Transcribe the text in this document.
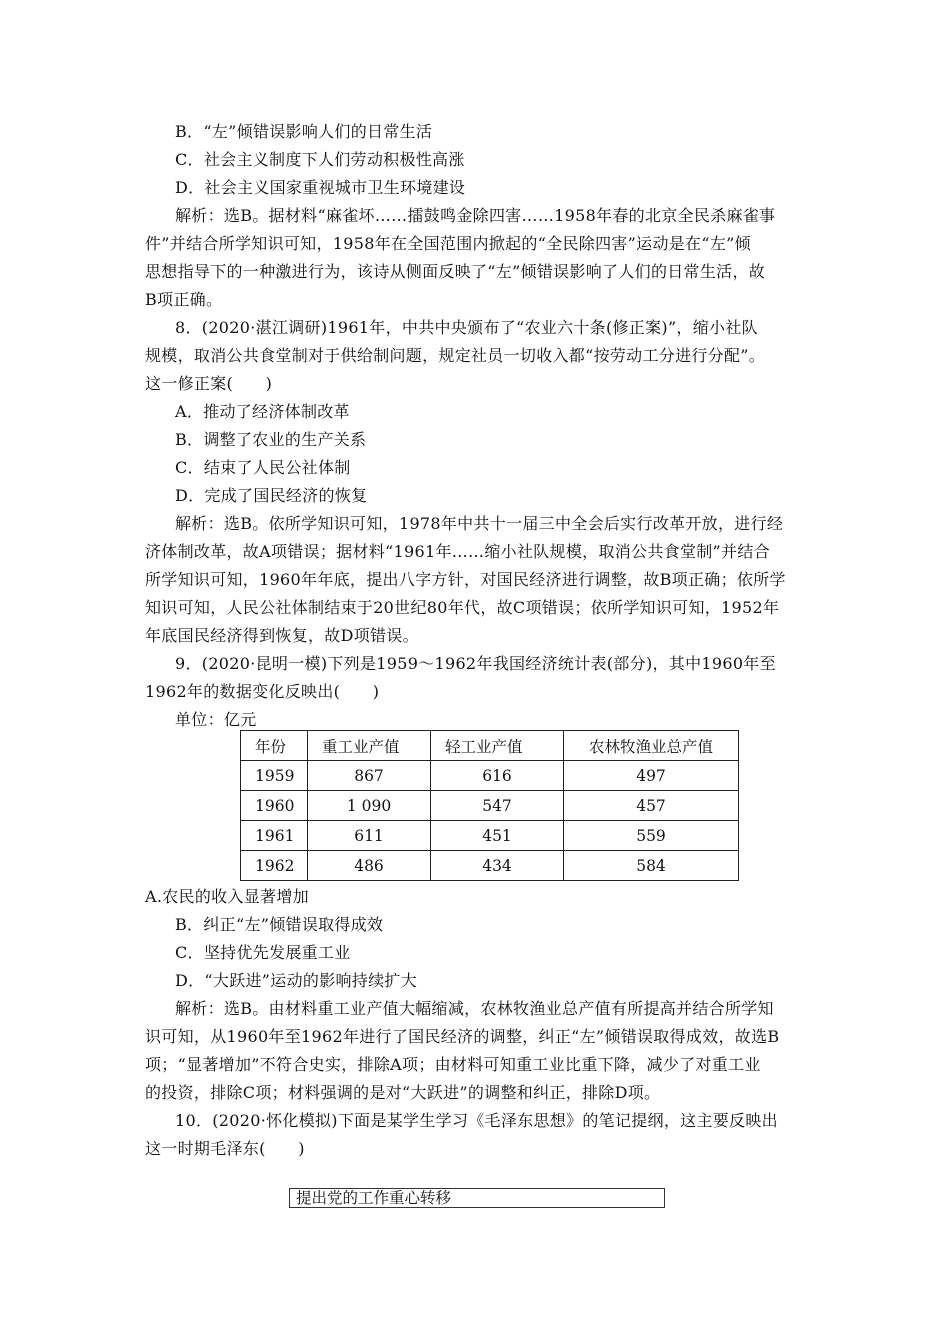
B．“左”倾错误影响人们的日常生活
C．社会主义制度下人们劳动积极性高涨
D．社会主义国家重视城市卫生环境建设
解析：选B。据材料“麻雀坏……擂鼓鸣金除四害……1958年春的北京全民杀麻雀事
件”并结合所学知识可知，1958年在全国范围内掀起的“全民除四害”运动是在“左”倾
思想指导下的一种激进行为，该诗从侧面反映了“左”倾错误影响了人们的日常生活，故
B项正确。
8．(2020·湛江调研)1961年，中共中央颁布了“农业六十条(修正案)”，缩小社队
规模，取消公共食堂制对于供给制问题，规定社员一切收入都“按劳动工分进行分配”。
这一修正案(　　)
A．推动了经济体制改革
B．调整了农业的生产关系
C．结束了人民公社体制
D．完成了国民经济的恢复
解析：选B。依所学知识可知，1978年中共十一届三中全会后实行改革开放，进行经
济体制改革，故A项错误；据材料“1961年……缩小社队规模，取消公共食堂制”并结合
所学知识可知，1960年年底，提出八字方针，对国民经济进行调整，故B项正确；依所学
知识可知，人民公社体制结束于20世纪80年代，故C项错误；依所学知识可知，1952年
年底国民经济得到恢复，故D项错误。
9．(2020·昆明一模)下列是1959～1962年我国经济统计表(部分)，其中1960年至
1962年的数据变化反映出(　　)
单位：亿元
年份	重工业产值	轻工业产值	农林牧渔业总产值
1959	867	616	497
1960	1 090	547	457
1961	611	451	559
1962	486	434	584
A.农民的收入显著增加
B．纠正“左”倾错误取得成效
C．坚持优先发展重工业
D．“大跃进”运动的影响持续扩大
解析：选B。由材料重工业产值大幅缩减，农林牧渔业总产值有所提高并结合所学知
识可知，从1960年至1962年进行了国民经济的调整，纠正“左”倾错误取得成效，故选B
项；“显著增加”不符合史实，排除A项；由材料可知重工业比重下降，减少了对重工业
的投资，排除C项；材料强调的是对“大跃进”的调整和纠正，排除D项。
10．(2020·怀化模拟)下面是某学生学习《毛泽东思想》的笔记提纲，这主要反映出
这一时期毛泽东(　　)
提出党的工作重心转移
